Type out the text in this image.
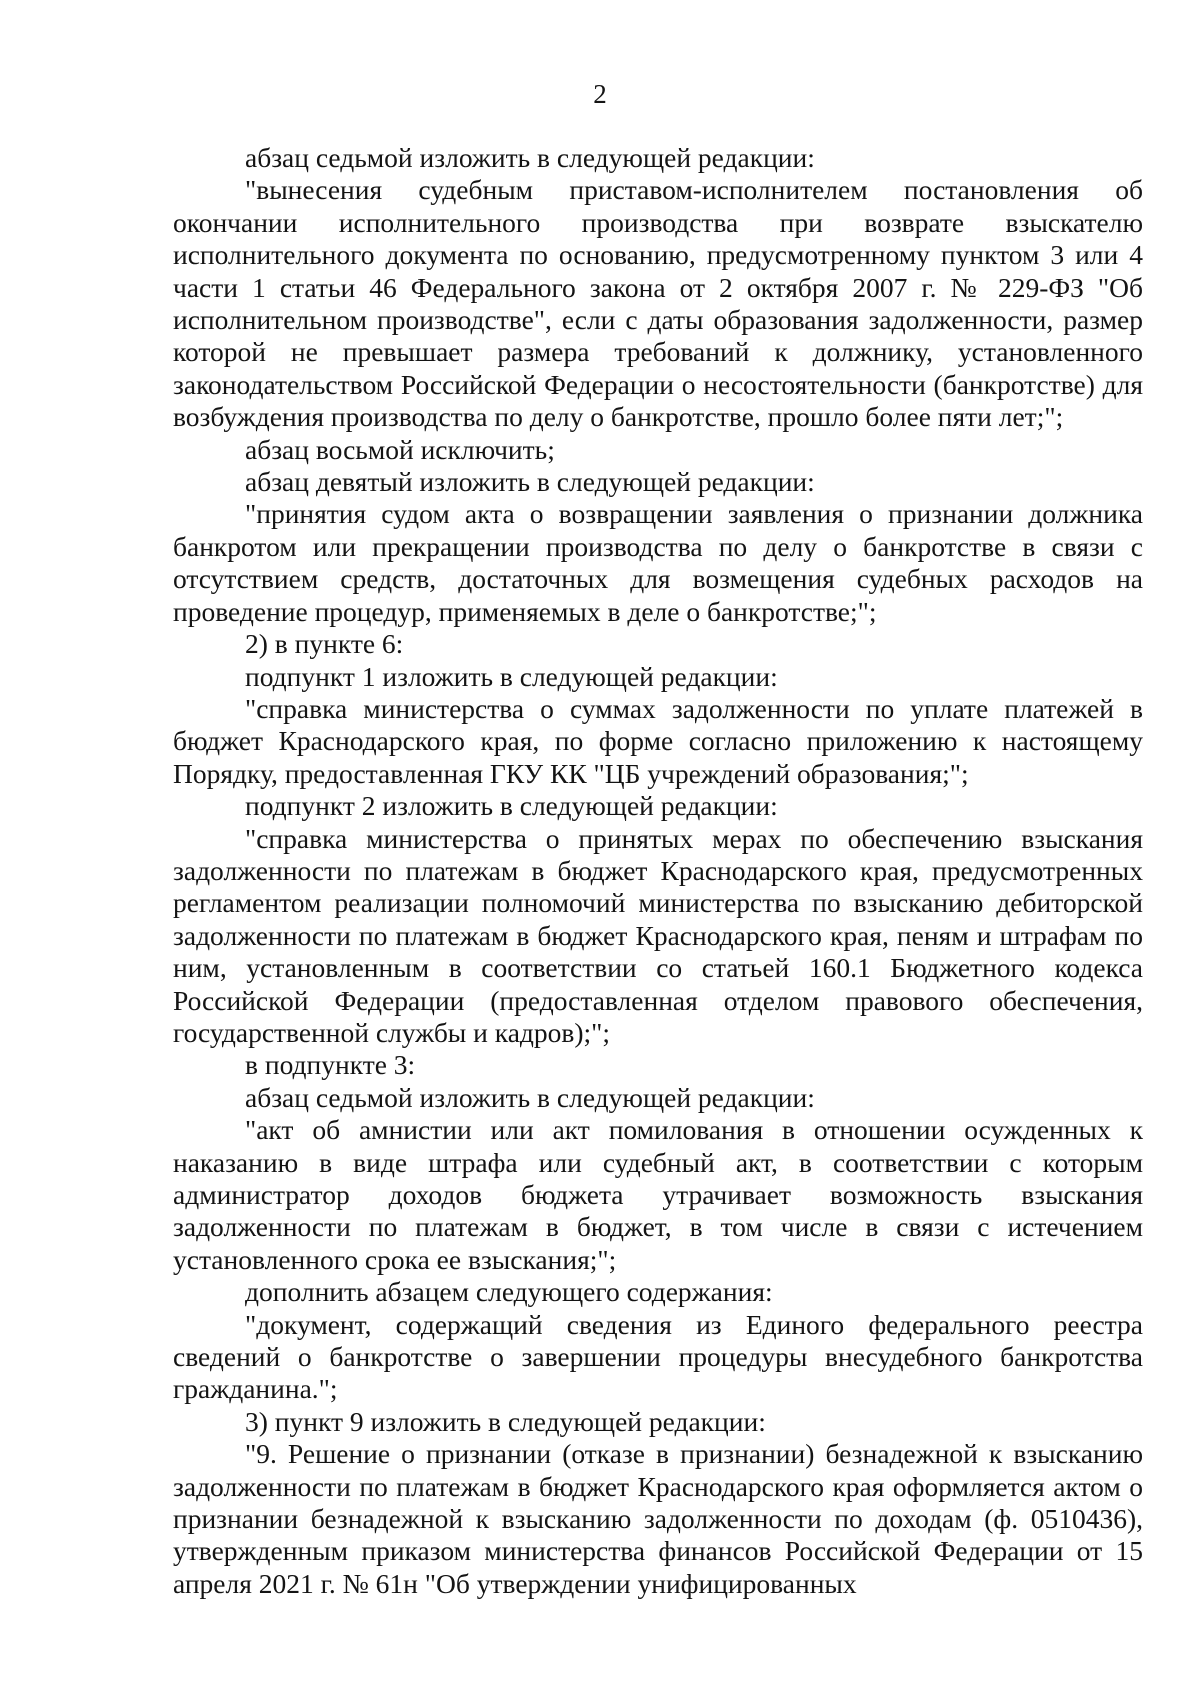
2

абзац седьмой изложить в следующей редакции:

"вынесения судебным приставом-исполнителем постановления об окончании исполнительного производства при возврате взыскателю исполнительного документа по основанию, предусмотренному пунктом 3 или 4 части 1 статьи 46 Федерального закона от 2 октября 2007 г. № 229-ФЗ "Об исполнительном производстве", если с даты образования задолженности, размер которой не превышает размера требований к должнику, установленного законодательством Российской Федерации о несостоятельности (банкротстве) для возбуждения производства по делу о банкротстве, прошло более пяти лет;";

абзац восьмой исключить;

абзац девятый изложить в следующей редакции:

"принятия судом акта о возвращении заявления о признании должника банкротом или прекращении производства по делу о банкротстве в связи с отсутствием средств, достаточных для возмещения судебных расходов на проведение процедур, применяемых в деле о банкротстве;";

2) в пункте 6:

подпункт 1 изложить в следующей редакции:

"справка министерства о суммах задолженности по уплате платежей в бюджет Краснодарского края, по форме согласно приложению к настоящему Порядку, предоставленная ГКУ КК "ЦБ учреждений образования;";

подпункт 2 изложить в следующей редакции:

"справка министерства о принятых мерах по обеспечению взыскания задолженности по платежам в бюджет Краснодарского края, предусмотренных регламентом реализации полномочий министерства по взысканию дебиторской задолженности по платежам в бюджет Краснодарского края, пеням и штрафам по ним, установленным в соответствии со статьей 160.1 Бюджетного кодекса Российской Федерации (предоставленная отделом правового обеспечения, государственной службы и кадров);";

в подпункте 3:

абзац седьмой изложить в следующей редакции:

"акт об амнистии или акт помилования в отношении осужденных к наказанию в виде штрафа или судебный акт, в соответствии с которым администратор доходов бюджета утрачивает возможность взыскания задолженности по платежам в бюджет, в том числе в связи с истечением установленного срока ее взыскания;";

дополнить абзацем следующего содержания:

"документ, содержащий сведения из Единого федерального реестра сведений о банкротстве о завершении процедуры внесудебного банкротства гражданина.";

3) пункт 9 изложить в следующей редакции:

"9. Решение о признании (отказе в признании) безнадежной к взысканию задолженности по платежам в бюджет Краснодарского края оформляется актом о признании безнадежной к взысканию задолженности по доходам (ф. 0510436), утвержденным приказом министерства финансов Российской Федерации от 15 апреля 2021 г. № 61н "Об утверждении унифицированных
